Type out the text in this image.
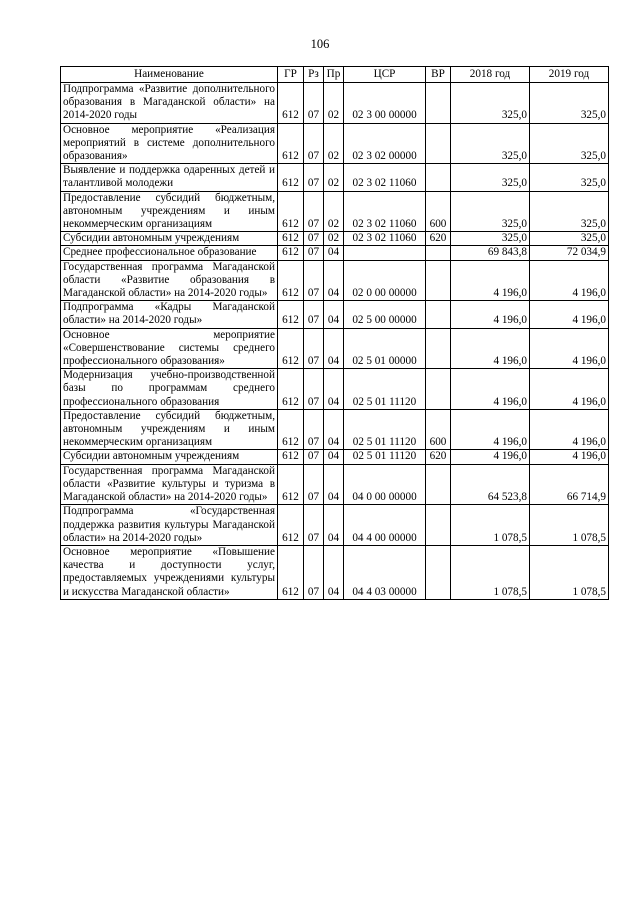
106
Наименование	ГР	Рз	Пр	ЦСР	ВР	2018 год	2019 год
Подпрограмма «Развитие дополнительного образования в Магаданской области» на 2014-2020 годы	612	07	02	02 3 00 00000		325,0	325,0
Основное мероприятие «Реализация мероприятий в системе дополнительного образования»	612	07	02	02 3 02 00000		325,0	325,0
Выявление и поддержка одаренных детей и талантливой молодежи	612	07	02	02 3 02 11060		325,0	325,0
Предоставление субсидий бюджетным, автономным учреждениям и иным некоммерческим организациям	612	07	02	02 3 02 11060	600	325,0	325,0
Субсидии автономным учреждениям	612	07	02	02 3 02 11060	620	325,0	325,0
Среднее профессиональное образование	612	07	04			69 843,8	72 034,9
Государственная программа Магаданской области «Развитие образования в Магаданской области» на 2014-2020 годы»	612	07	04	02 0 00 00000		4 196,0	4 196,0
Подпрограмма «Кадры Магаданской области» на 2014-2020 годы»	612	07	04	02 5 00 00000		4 196,0	4 196,0
Основное мероприятие «Совершенствование системы среднего профессионального образования»	612	07	04	02 5 01 00000		4 196,0	4 196,0
Модернизация учебно-производственной базы по программам среднего профессионального образования	612	07	04	02 5 01 11120		4 196,0	4 196,0
Предоставление субсидий бюджетным, автономным учреждениям и иным некоммерческим организациям	612	07	04	02 5 01 11120	600	4 196,0	4 196,0
Субсидии автономным учреждениям	612	07	04	02 5 01 11120	620	4 196,0	4 196,0
Государственная программа Магаданской области «Развитие культуры и туризма в Магаданской области» на 2014-2020 годы»	612	07	04	04 0 00 00000		64 523,8	66 714,9
Подпрограмма «Государственная поддержка развития культуры Магаданской области» на 2014-2020 годы»	612	07	04	04 4 00 00000		1 078,5	1 078,5
Основное мероприятие «Повышение качества и доступности услуг, предоставляемых учреждениями культуры и искусства Магаданской области»	612	07	04	04 4 03 00000		1 078,5	1 078,5
